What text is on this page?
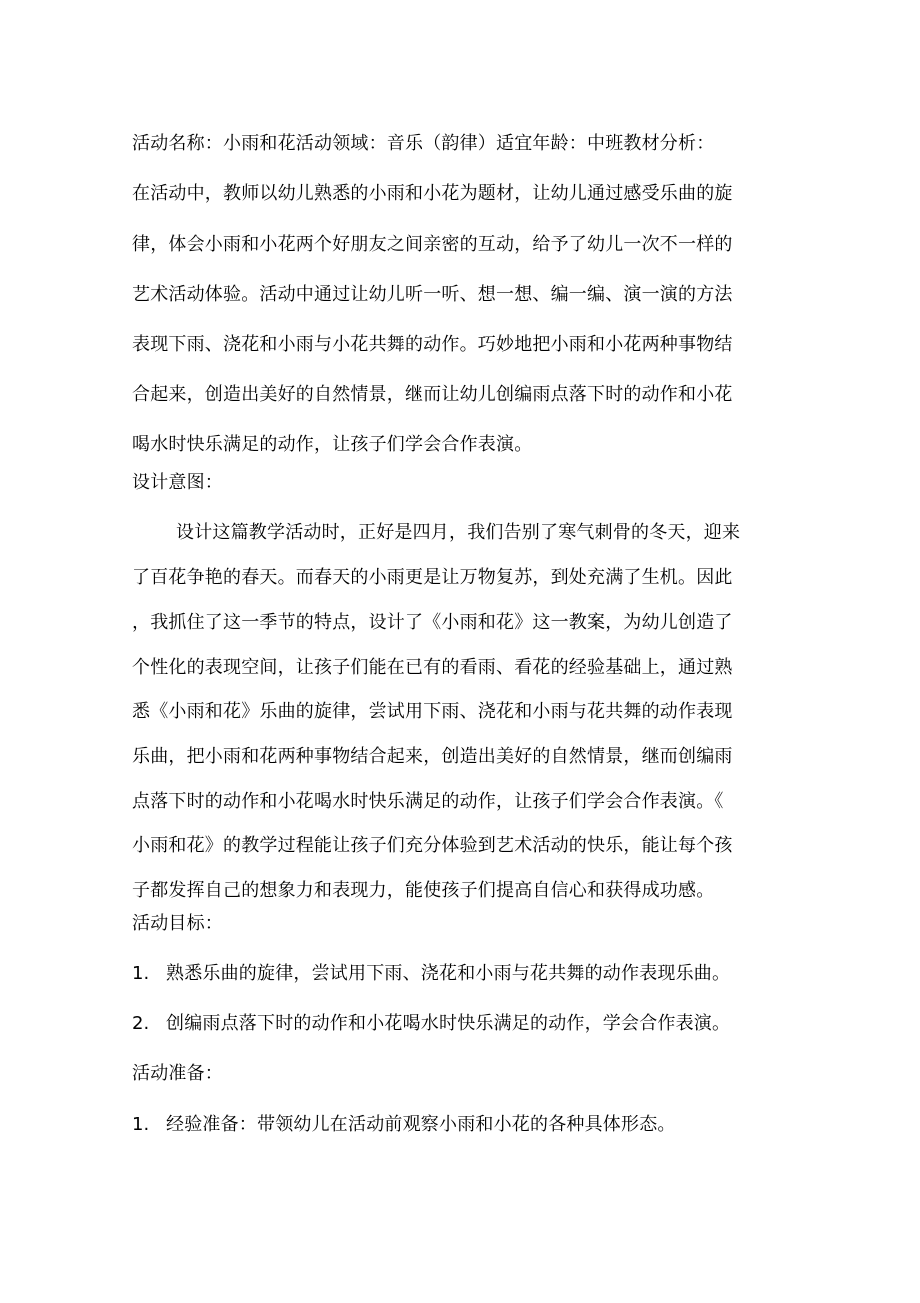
活动名称：小雨和花活动领域：音乐（韵律）适宜年龄：中班教材分析：
在活动中，教师以幼儿熟悉的小雨和小花为题材，让幼儿通过感受乐曲的旋
律，体会小雨和小花两个好朋友之间亲密的互动，给予了幼儿一次不一样的
艺术活动体验。活动中通过让幼儿听一听、想一想、编一编、演一演的方法
表现下雨、浇花和小雨与小花共舞的动作。巧妙地把小雨和小花两种事物结
合起来，创造出美好的自然情景，继而让幼儿创编雨点落下时的动作和小花
喝水时快乐满足的动作，让孩子们学会合作表演。
设计意图：
设计这篇教学活动时，正好是四月，我们告别了寒气刺骨的冬天，迎来
了百花争艳的春天。而春天的小雨更是让万物复苏，到处充满了生机。因此
，我抓住了这一季节的特点，设计了《小雨和花》这一教案，为幼儿创造了
个性化的表现空间，让孩子们能在已有的看雨、看花的经验基础上，通过熟
悉《小雨和花》乐曲的旋律，尝试用下雨、浇花和小雨与花共舞的动作表现
乐曲，把小雨和花两种事物结合起来，创造出美好的自然情景，继而创编雨
点落下时的动作和小花喝水时快乐满足的动作，让孩子们学会合作表演。《
小雨和花》的教学过程能让孩子们充分体验到艺术活动的快乐，能让每个孩
子都发挥自己的想象力和表现力，能使孩子们提高自信心和获得成功感。
活动目标：
1. 熟悉乐曲的旋律，尝试用下雨、浇花和小雨与花共舞的动作表现乐曲。
2. 创编雨点落下时的动作和小花喝水时快乐满足的动作，学会合作表演。
活动准备：
1. 经验准备：带领幼儿在活动前观察小雨和小花的各种具体形态。
